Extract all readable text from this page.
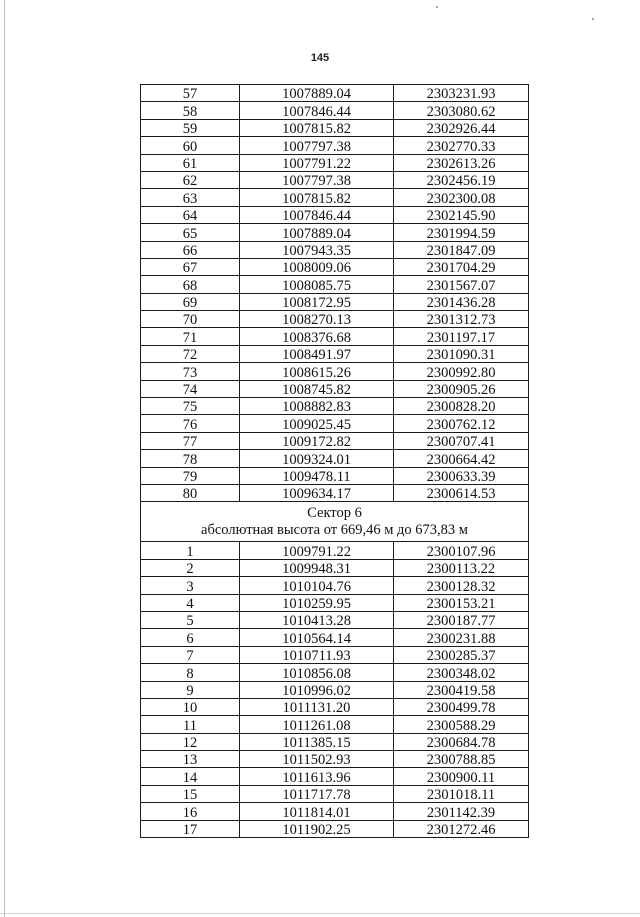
145
57	1007889.04	2303231.93
58	1007846.44	2303080.62
59	1007815.82	2302926.44
60	1007797.38	2302770.33
61	1007791.22	2302613.26
62	1007797.38	2302456.19
63	1007815.82	2302300.08
64	1007846.44	2302145.90
65	1007889.04	2301994.59
66	1007943.35	2301847.09
67	1008009.06	2301704.29
68	1008085.75	2301567.07
69	1008172.95	2301436.28
70	1008270.13	2301312.73
71	1008376.68	2301197.17
72	1008491.97	2301090.31
73	1008615.26	2300992.80
74	1008745.82	2300905.26
75	1008882.83	2300828.20
76	1009025.45	2300762.12
77	1009172.82	2300707.41
78	1009324.01	2300664.42
79	1009478.11	2300633.39
80	1009634.17	2300614.53

Сектор 6
абсолютная высота от 669,46 м до 673,83 м		

1	1009791.22	2300107.96
2	1009948.31	2300113.22
3	1010104.76	2300128.32
4	1010259.95	2300153.21
5	1010413.28	2300187.77
6	1010564.14	2300231.88
7	1010711.93	2300285.37
8	1010856.08	2300348.02
9	1010996.02	2300419.58
10	1011131.20	2300499.78
11	1011261.08	2300588.29
12	1011385.15	2300684.78
13	1011502.93	2300788.85
14	1011613.96	2300900.11
15	1011717.78	2301018.11
16	1011814.01	2301142.39
17	1011902.25	2301272.46
